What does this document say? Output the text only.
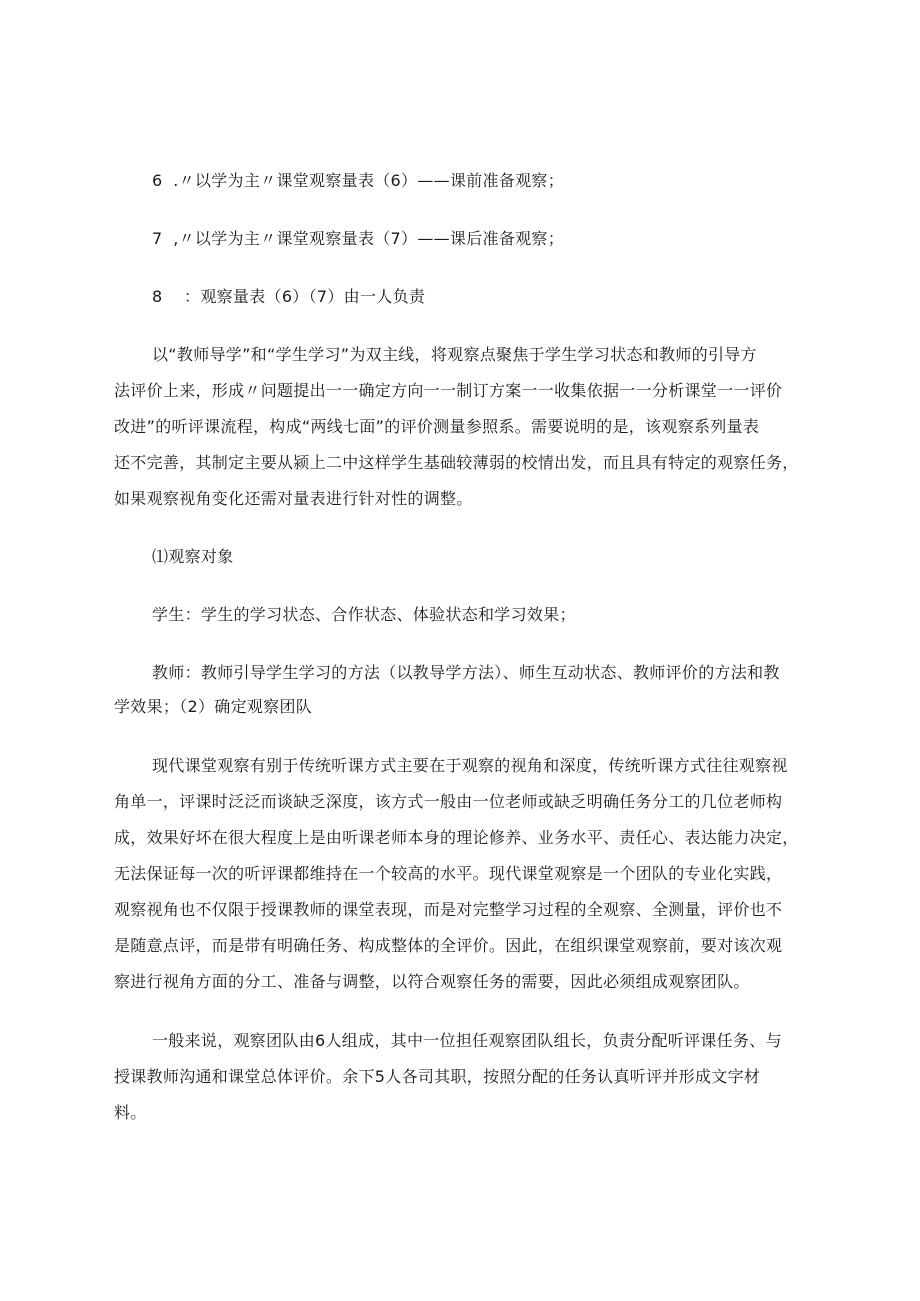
6  .〃以学为主〃课堂观察量表（6）——课前准备观察；
7  ,〃以学为主〃课堂观察量表（7）——课后准备观察；
8    ：观察量表（6）（7）由一人负责
以“教师导学”和“学生学习”为双主线，将观察点聚焦于学生学习状态和教师的引导方
法评价上来，形成〃问题提出一一确定方向一一制订方案一一收集依据一一分析课堂一一评价
改进”的听评课流程，构成“两线七面”的评价测量参照系。需要说明的是，该观察系列量表
还不完善，其制定主要从颍上二中这样学生基础较薄弱的校情出发，而且具有特定的观察任务，
如果观察视角变化还需对量表进行针对性的调整。
⑴观察对象
学生：学生的学习状态、合作状态、体验状态和学习效果；
教师：教师引导学生学习的方法（以教导学方法）、师生互动状态、教师评价的方法和教
学效果；（2）确定观察团队
现代课堂观察有别于传统听课方式主要在于观察的视角和深度，传统听课方式往往观察视
角单一，评课时泛泛而谈缺乏深度，该方式一般由一位老师或缺乏明确任务分工的几位老师构
成，效果好坏在很大程度上是由听课老师本身的理论修养、业务水平、责任心、表达能力决定，
无法保证每一次的听评课都维持在一个较高的水平。现代课堂观察是一个团队的专业化实践，
观察视角也不仅限于授课教师的课堂表现，而是对完整学习过程的全观察、全测量，评价也不
是随意点评，而是带有明确任务、构成整体的全评价。因此，在组织课堂观察前，要对该次观
察进行视角方面的分工、准备与调整，以符合观察任务的需要，因此必须组成观察团队。
一般来说，观察团队由6人组成，其中一位担任观察团队组长，负责分配听评课任务、与
授课教师沟通和课堂总体评价。余下5人各司其职，按照分配的任务认真听评并形成文字材
料。
